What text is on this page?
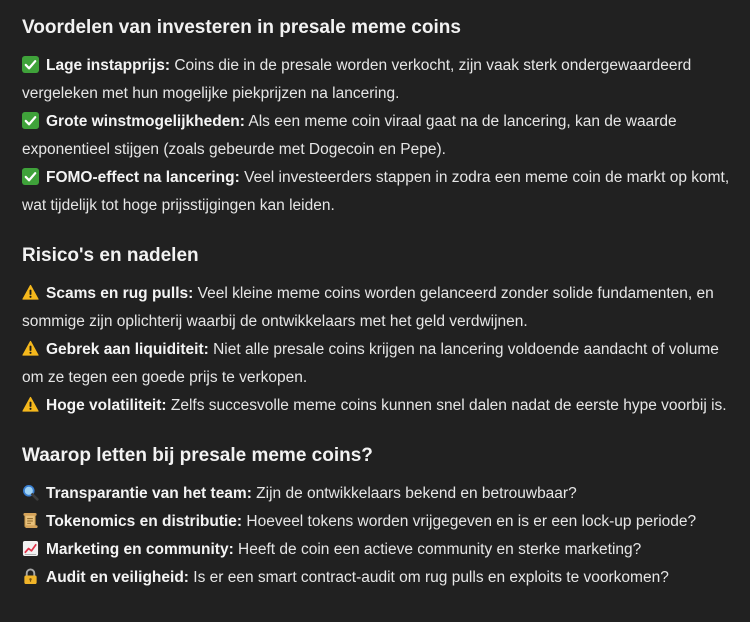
Voordelen van investeren in presale meme coins
Lage instapprijs: Coins die in de presale worden verkocht, zijn vaak sterk ondergewaardeerd vergeleken met hun mogelijke piekprijzen na lancering.
Grote winstmogelijkheden: Als een meme coin viraal gaat na de lancering, kan de waarde exponentieel stijgen (zoals gebeurde met Dogecoin en Pepe).
FOMO-effect na lancering: Veel investeerders stappen in zodra een meme coin de markt op komt, wat tijdelijk tot hoge prijsstijgingen kan leiden.
Risico's en nadelen
Scams en rug pulls: Veel kleine meme coins worden gelanceerd zonder solide fundamenten, en sommige zijn oplichterij waarbij de ontwikkelaars met het geld verdwijnen.
Gebrek aan liquiditeit: Niet alle presale coins krijgen na lancering voldoende aandacht of volume om ze tegen een goede prijs te verkopen.
Hoge volatiliteit: Zelfs succesvolle meme coins kunnen snel dalen nadat de eerste hype voorbij is.
Waarop letten bij presale meme coins?
Transparantie van het team: Zijn de ontwikkelaars bekend en betrouwbaar?
Tokenomics en distributie: Hoeveel tokens worden vrijgegeven en is er een lock-up periode?
Marketing en community: Heeft de coin een actieve community en sterke marketing?
Audit en veiligheid: Is er een smart contract-audit om rug pulls en exploits te voorkomen?
